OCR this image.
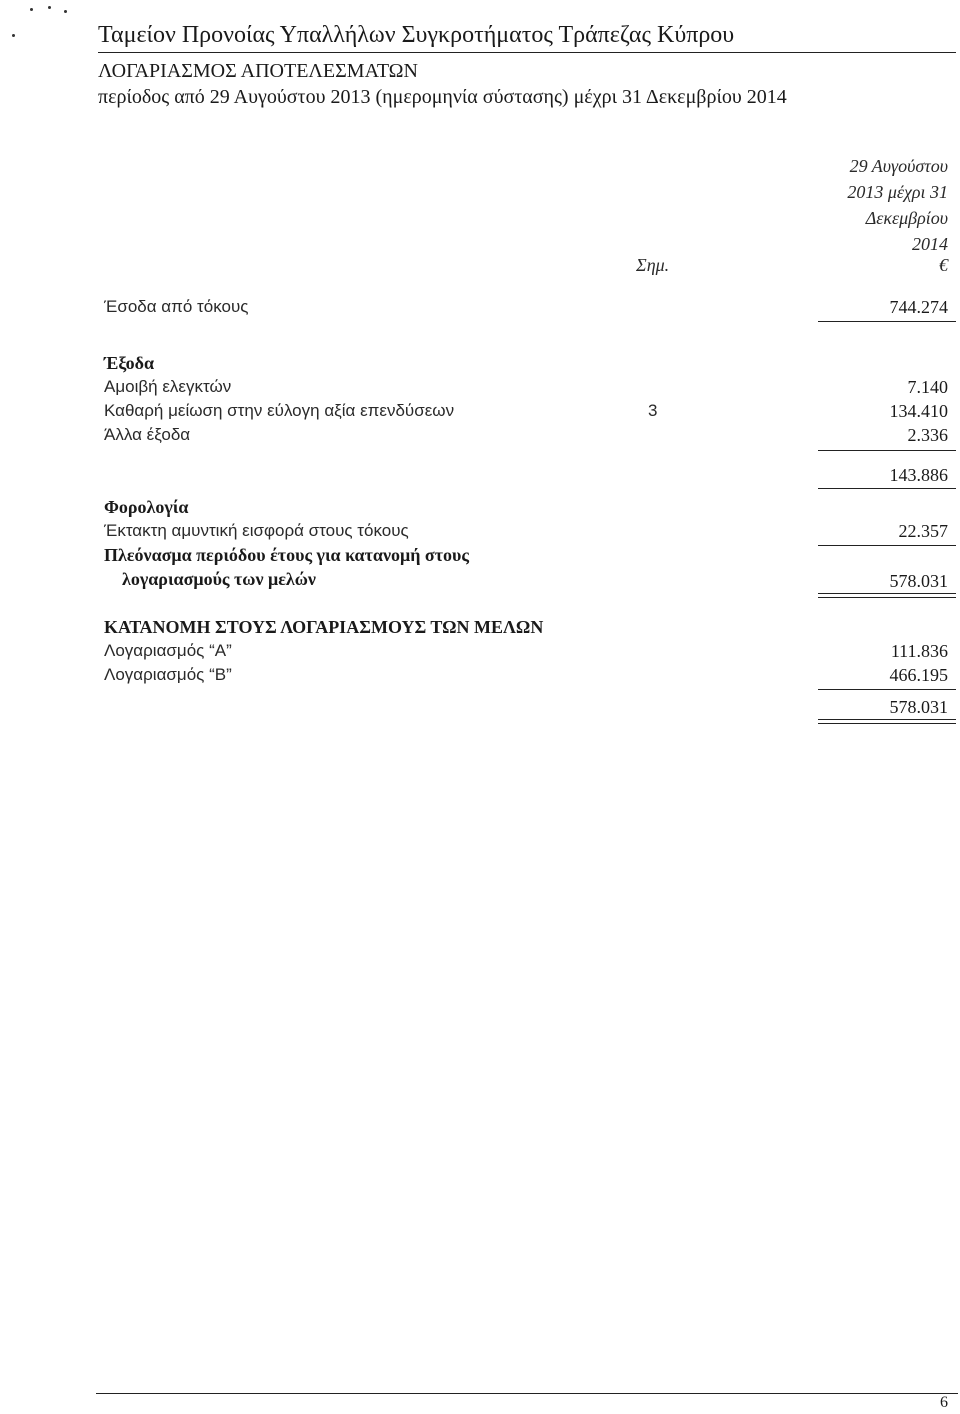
Ταμείον Προνοίας Υπαλλήλων Συγκροτήματος Τράπεζας Κύπρου
ΛΟΓΑΡΙΑΣΜΟΣ ΑΠΟΤΕΛΕΣΜΑΤΩΝ
περίοδος από 29 Αυγούστου 2013 (ημερομηνία σύστασης) μέχρι 31 Δεκεμβρίου 2014
29 Αυγούστου
2013 μέχρι 31
Δεκεμβρίου
2014
Σημ.	€
Έσοδα από τόκους	744.274
Έξοδα
Αμοιβή ελεγκτών	7.140
Καθαρή μείωση στην εύλογη αξία επενδύσεων	3	134.410
Άλλα έξοδα	2.336
143.886
Φορολογία
Έκτακτη αμυντική εισφορά στους τόκους	22.357
Πλεόνασμα περιόδου έτους για κατανομή στους
λογαριασμούς των μελών	578.031
ΚΑΤΑΝΟΜΗ ΣΤΟΥΣ ΛΟΓΑΡΙΑΣΜΟΥΣ ΤΩΝ ΜΕΛΩΝ
Λογαριασμός “Α”	111.836
Λογαριασμός “Β”	466.195
578.031
6
